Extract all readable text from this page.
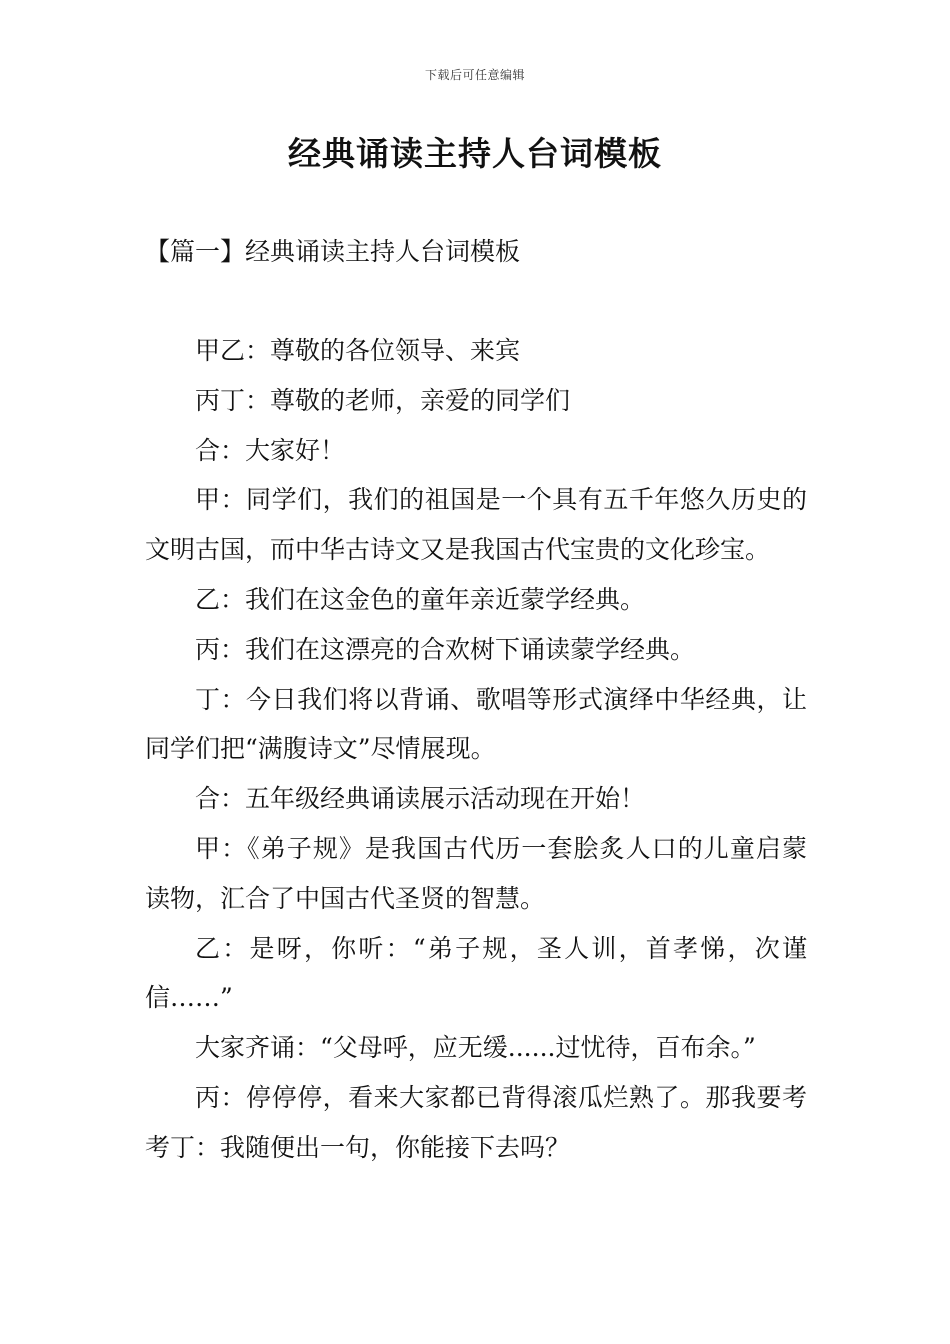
下载后可任意编辑
经典诵读主持人台词模板
【篇一】经典诵读主持人台词模板

甲乙：尊敬的各位领导、来宾

丙丁：尊敬的老师，亲爱的同学们

合：大家好！

甲：同学们，我们的祖国是一个具有五千年悠久历史的文明古国，而中华古诗文又是我国古代宝贵的文化珍宝。

乙：我们在这金色的童年亲近蒙学经典。

丙：我们在这漂亮的合欢树下诵读蒙学经典。

丁：今日我们将以背诵、歌唱等形式演绎中华经典，让同学们把“满腹诗文”尽情展现。

合：五年级经典诵读展示活动现在开始！

甲：《弟子规》是我国古代历一套脍炙人口的儿童启蒙读物，汇合了中国古代圣贤的智慧。

乙：是呀，你听：“弟子规，圣人训，首孝悌，次谨信……”

大家齐诵：“父母呼，应无缓......过忧待，百布余。”

丙：停停停，看来大家都已背得滚瓜烂熟了。那我要考考丁：我随便出一句，你能接下去吗？
